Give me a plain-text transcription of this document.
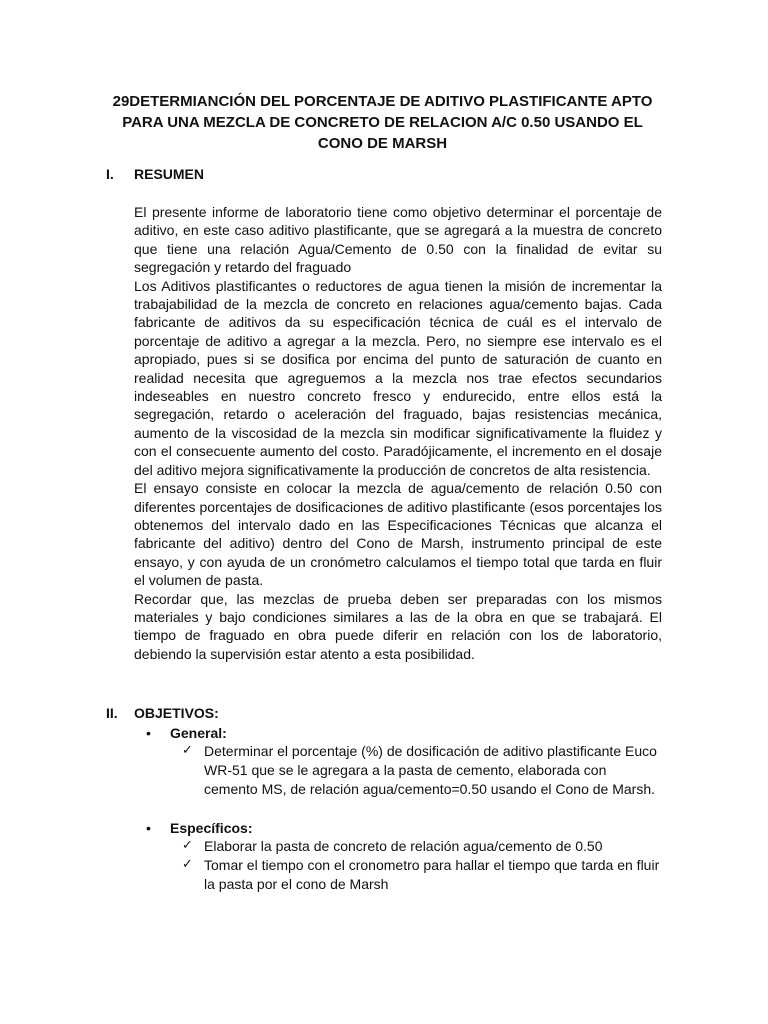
29DETERMIANCIÓN DEL PORCENTAJE DE ADITIVO PLASTIFICANTE APTO
PARA UNA MEZCLA DE CONCRETO DE RELACION A/C 0.50 USANDO EL
CONO DE MARSH
I. RESUMEN

El presente informe de laboratorio tiene como objetivo determinar el porcentaje de aditivo, en este caso aditivo plastificante, que se agregará a la muestra de concreto que tiene una relación Agua/Cemento de 0.50 con la finalidad de evitar su segregación y retardo del fraguado

Los Aditivos plastificantes o reductores de agua tienen la misión de incrementar la trabajabilidad de la mezcla de concreto en relaciones agua/cemento bajas. Cada fabricante de aditivos da su especificación técnica de cuál es el intervalo de porcentaje de aditivo a agregar a la mezcla. Pero, no siempre ese intervalo es el apropiado, pues si se dosifica por encima del punto de saturación de cuanto en realidad necesita que agreguemos a la mezcla nos trae efectos secundarios indeseables en nuestro concreto fresco y endurecido, entre ellos está la segregación, retardo o aceleración del fraguado, bajas resistencias mecánica, aumento de la viscosidad de la mezcla sin modificar significativamente la fluidez y con el consecuente aumento del costo. Paradójicamente, el incremento en el dosaje del aditivo mejora significativamente la producción de concretos de alta resistencia.

El ensayo consiste en colocar la mezcla de agua/cemento de relación 0.50 con diferentes porcentajes de dosificaciones de aditivo plastificante (esos porcentajes los obtenemos del intervalo dado en las Especificaciones Técnicas que alcanza el fabricante del aditivo) dentro del Cono de Marsh, instrumento principal de este ensayo, y con ayuda de un cronómetro calculamos el tiempo total que tarda en fluir el volumen de pasta.

Recordar que, las mezclas de prueba deben ser preparadas con los mismos materiales y bajo condiciones similares a las de la obra en que se trabajará. El tiempo de fraguado en obra puede diferir en relación con los de laboratorio, debiendo la supervisión estar atento a esta posibilidad.

II. OBJETIVOS:
• General:
✓ Determinar el porcentaje (%) de dosificación de aditivo plastificante Euco WR-51 que se le agregara a la pasta de cemento, elaborada con cemento MS, de relación agua/cemento=0.50 usando el Cono de Marsh.
• Específicos:
✓ Elaborar la pasta de concreto de relación agua/cemento de 0.50
✓ Tomar el tiempo con el cronometro para hallar el tiempo que tarda en fluir la pasta por el cono de Marsh
